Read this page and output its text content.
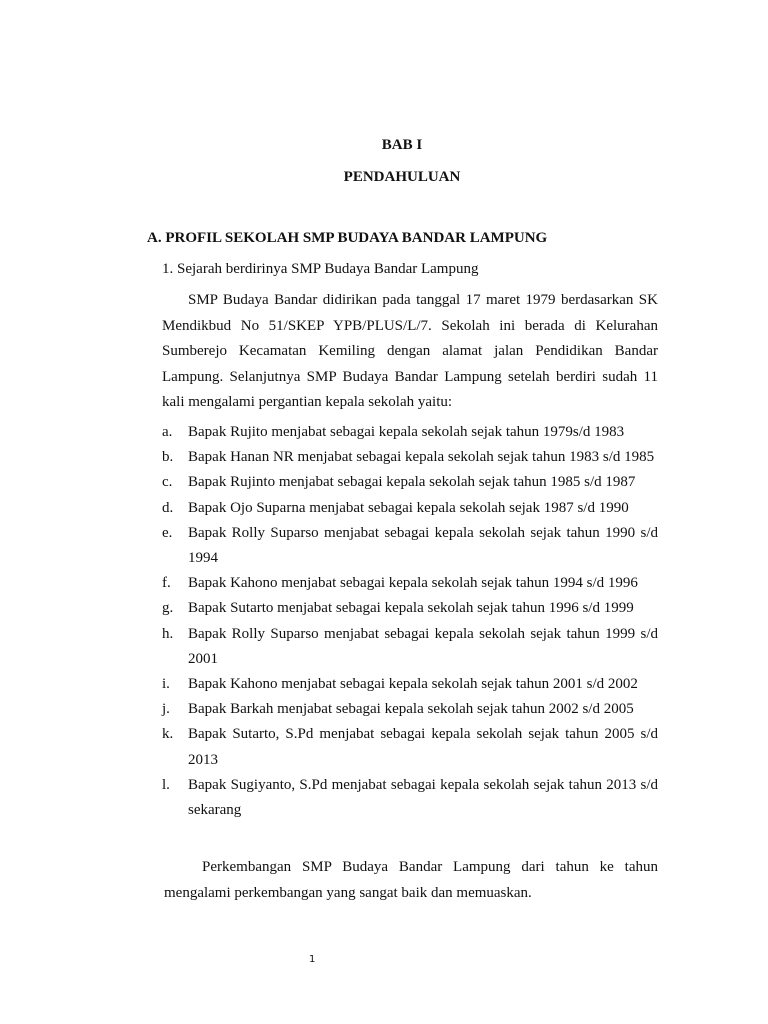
BAB I
PENDAHULUAN
A. PROFIL SEKOLAH SMP BUDAYA BANDAR LAMPUNG
1. Sejarah berdirinya SMP Budaya Bandar Lampung

SMP Budaya Bandar didirikan pada tanggal 17 maret 1979 berdasarkan SK Mendikbud No 51/SKEP YPB/PLUS/L/7. Sekolah ini berada di Kelurahan Sumberejo Kecamatan Kemiling dengan alamat jalan Pendidikan Bandar Lampung. Selanjutnya SMP Budaya Bandar Lampung setelah berdiri sudah 11 kali mengalami pergantian kepala sekolah yaitu:

a. Bapak Rujito menjabat sebagai kepala sekolah sejak tahun 1979s/d 1983
b. Bapak Hanan NR menjabat sebagai kepala sekolah sejak tahun 1983 s/d 1985
c. Bapak Rujinto menjabat sebagai kepala sekolah sejak tahun 1985 s/d 1987
d. Bapak Ojo Suparna menjabat sebagai kepala sekolah sejak 1987 s/d 1990
e. Bapak Rolly Suparso menjabat sebagai kepala sekolah sejak tahun 1990 s/d 1994
f. Bapak Kahono menjabat sebagai kepala sekolah sejak tahun 1994 s/d 1996
g. Bapak Sutarto menjabat sebagai kepala sekolah sejak tahun 1996 s/d 1999
h. Bapak Rolly Suparso menjabat sebagai kepala sekolah sejak tahun 1999 s/d 2001
i. Bapak Kahono menjabat sebagai kepala sekolah sejak tahun 2001 s/d 2002
j. Bapak Barkah menjabat sebagai kepala sekolah sejak tahun 2002 s/d 2005
k. Bapak Sutarto, S.Pd menjabat sebagai kepala sekolah sejak tahun 2005 s/d 2013
l. Bapak Sugiyanto, S.Pd menjabat sebagai kepala sekolah sejak tahun 2013 s/d sekarang

Perkembangan SMP Budaya Bandar Lampung dari tahun ke tahun mengalami perkembangan yang sangat baik dan memuaskan.

1
